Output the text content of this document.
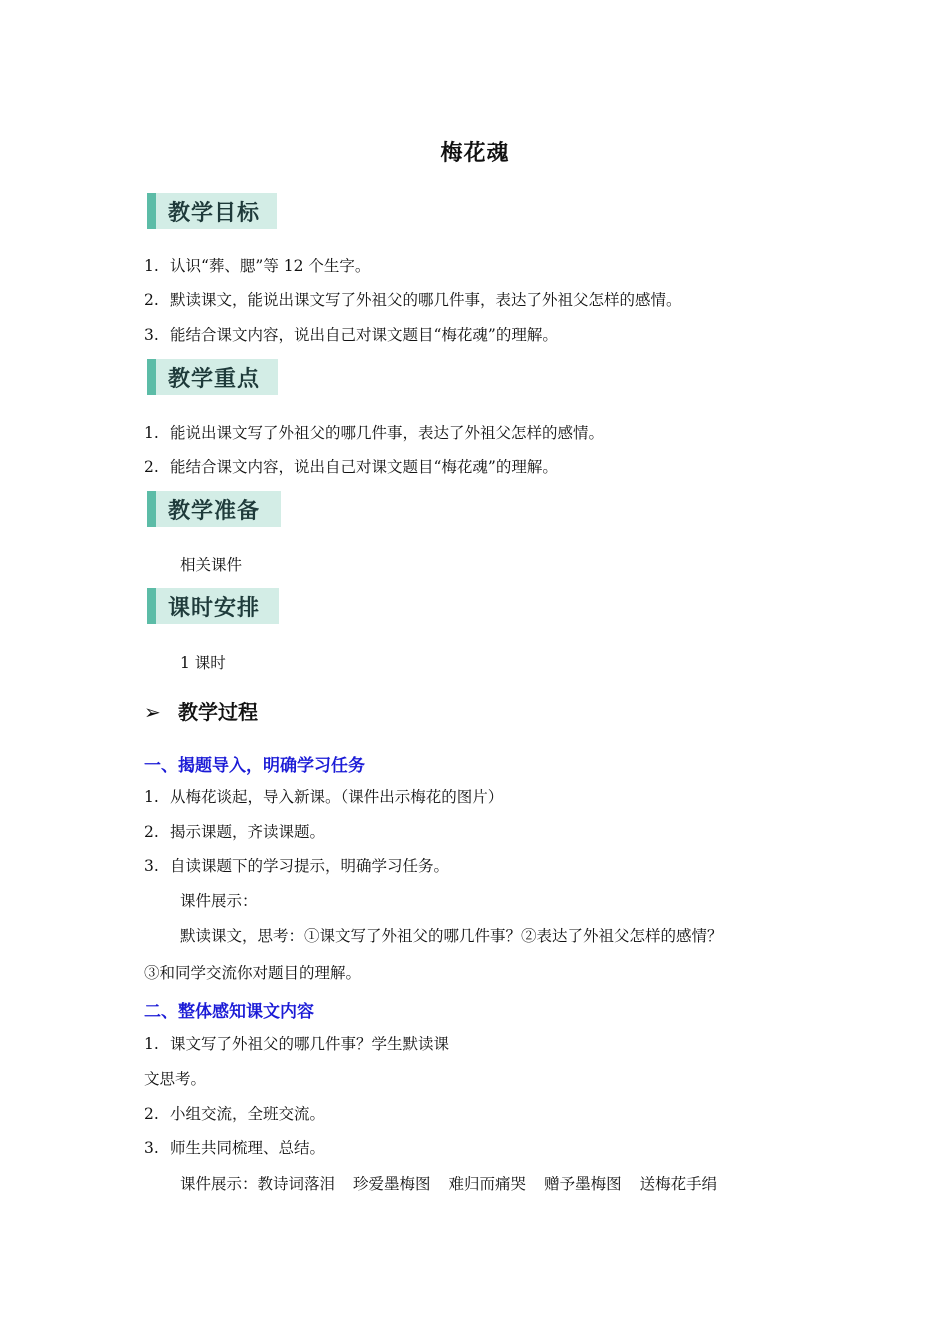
梅花魂
教学目标
1. 认识“葬、腮”等 12 个生字。
2. 默读课文，能说出课文写了外祖父的哪几件事，表达了外祖父怎样的感情。
3. 能结合课文内容，说出自己对课文题目“梅花魂”的理解。
教学重点
1. 能说出课文写了外祖父的哪几件事，表达了外祖父怎样的感情。
2. 能结合课文内容，说出自己对课文题目“梅花魂”的理解。
教学准备
相关课件
课时安排
1 课时
➢ 教学过程
一、揭题导入，明确学习任务
1. 从梅花谈起，导入新课。（课件出示梅花的图片）
2. 揭示课题，齐读课题。
3. 自读课题下的学习提示，明确学习任务。
课件展示：
默读课文，思考：①课文写了外祖父的哪几件事？②表达了外祖父怎样的感情？
③和同学交流你对题目的理解。
二、整体感知课文内容
1. 课文写了外祖父的哪几件事？学生默读课
文思考。
2. 小组交流，全班交流。
3. 师生共同梳理、总结。
课件展示：教诗词落泪 珍爱墨梅图 难归而痛哭 赠予墨梅图 送梅花手绢
